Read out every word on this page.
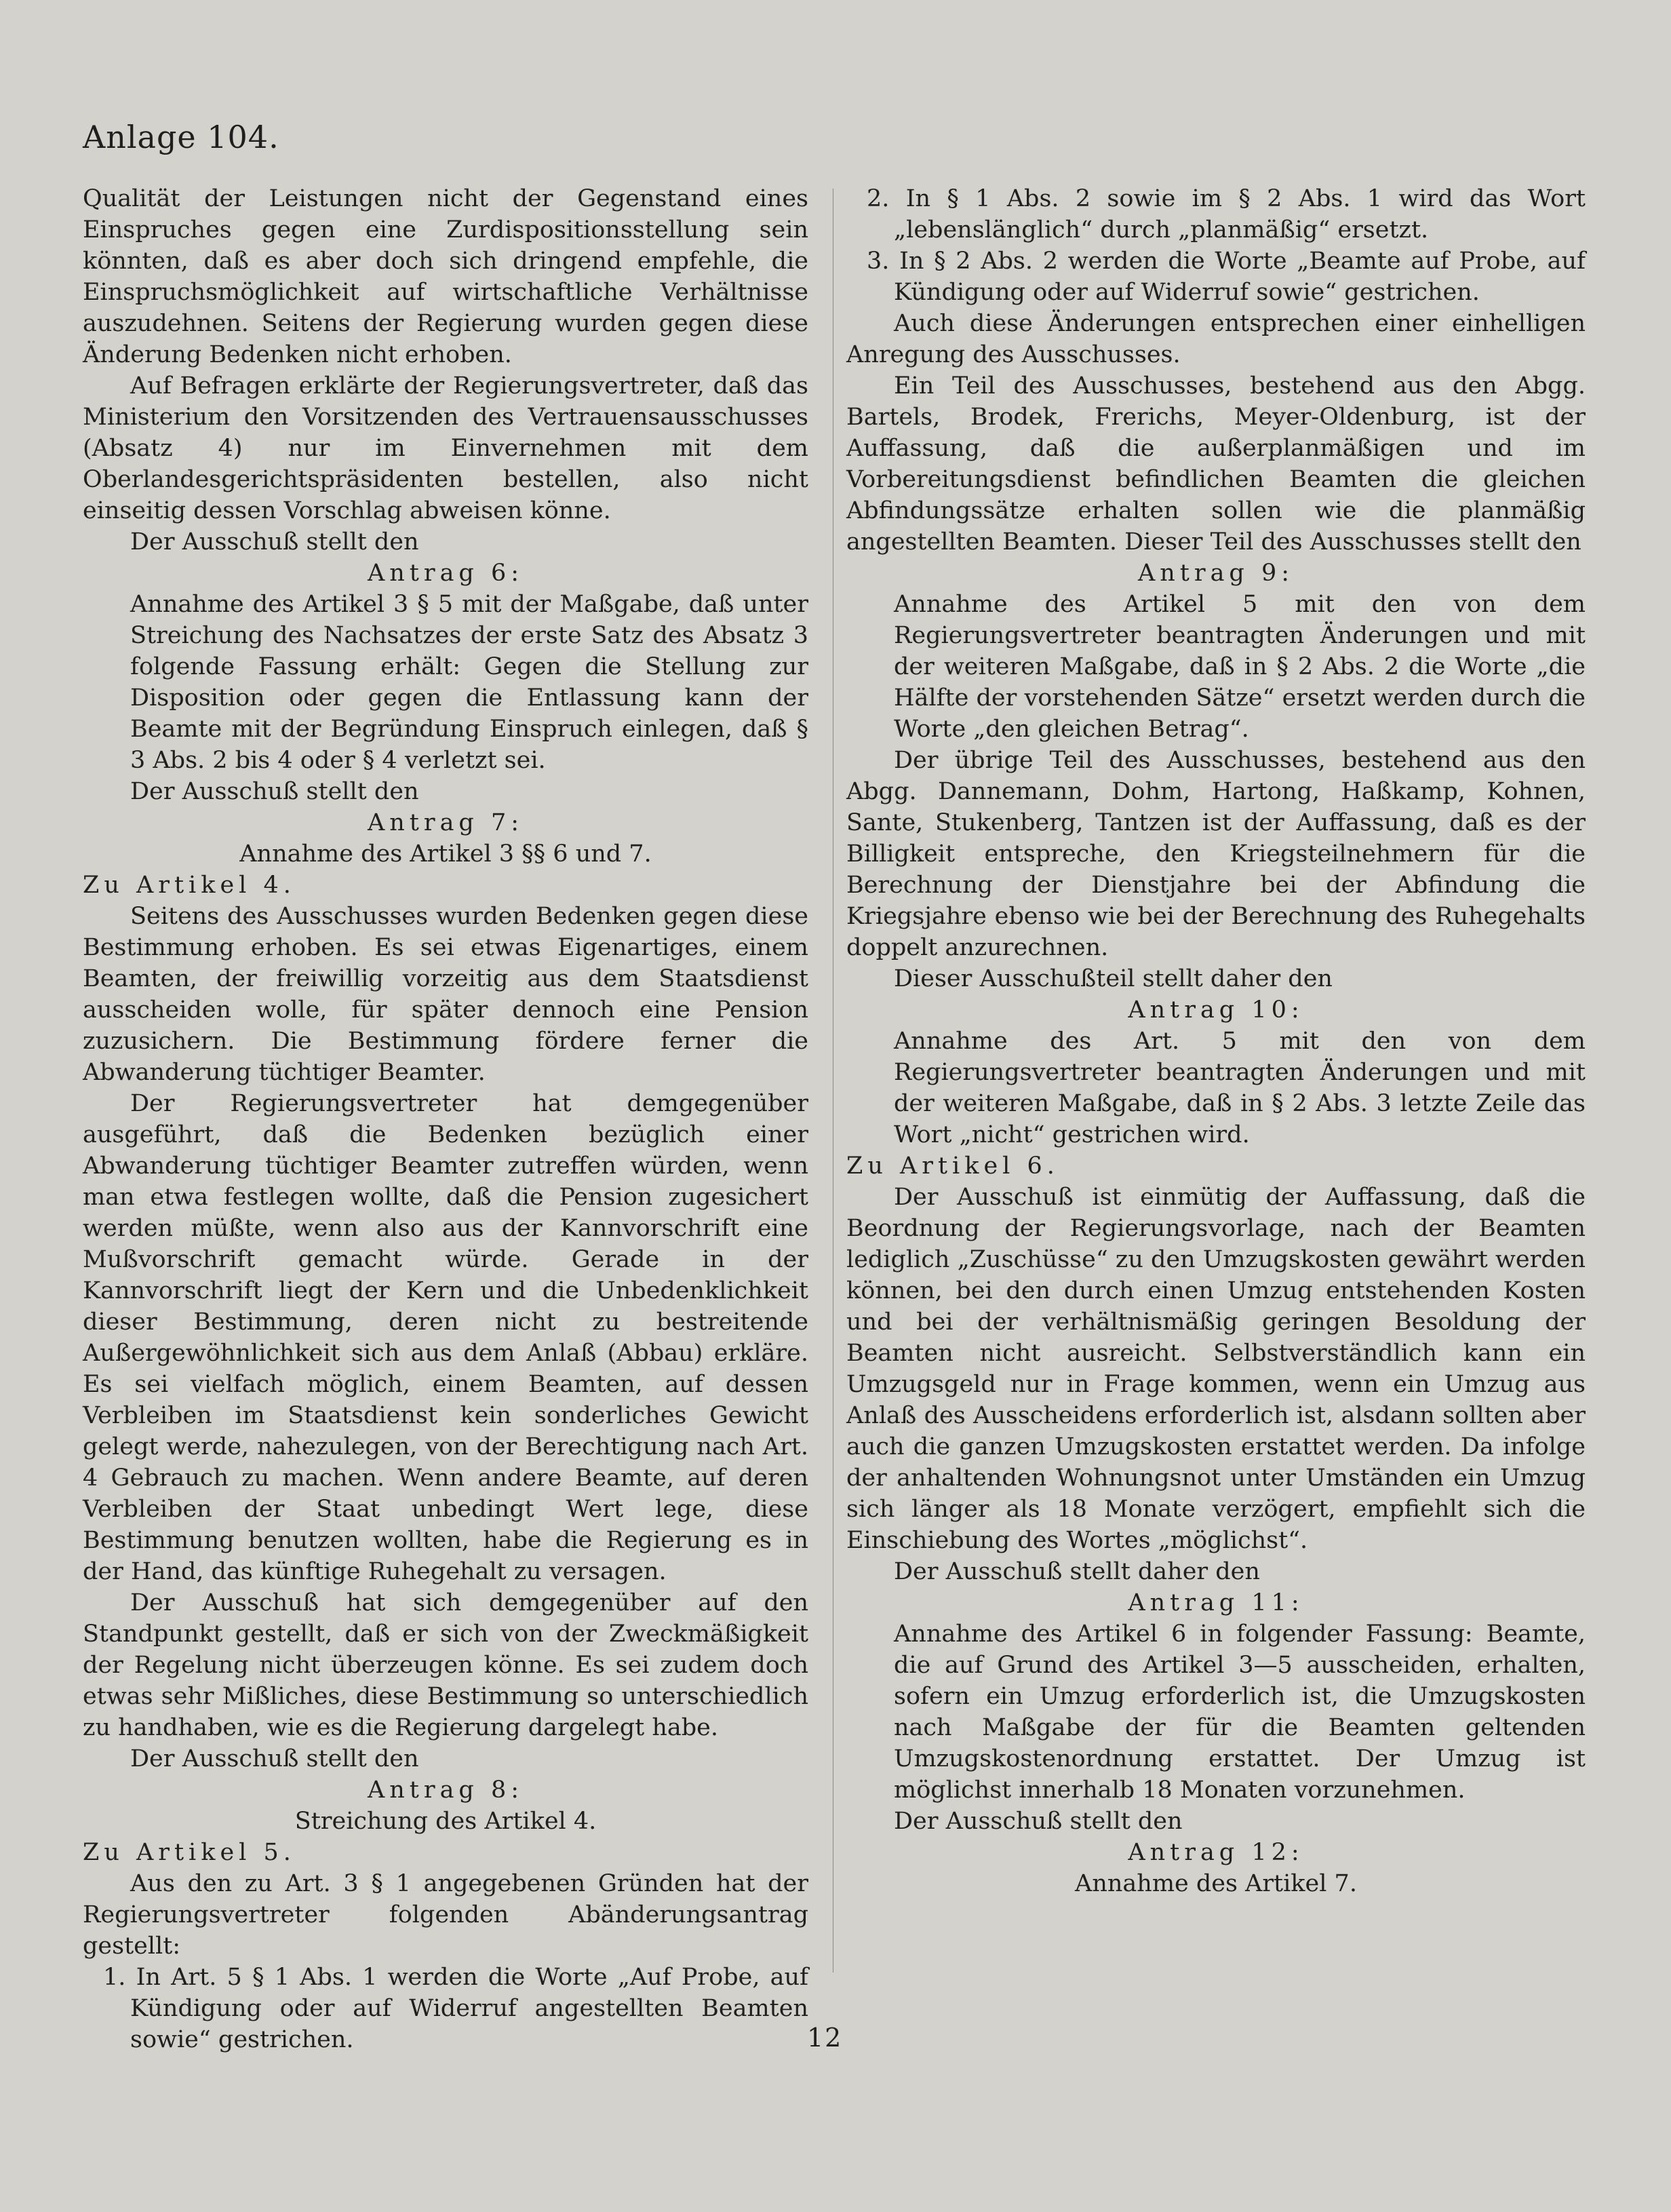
Anlage 104.

Qualität der Leistungen nicht der Gegenstand eines Einspruches gegen eine Zurdispositionsstellung sein könnten, daß es aber doch sich dringend empfehle, die Einspruchsmöglichkeit auf wirtschaftliche Verhältnisse auszudehnen. Seitens der Regierung wurden gegen diese Änderung Bedenken nicht erhoben.

Auf Befragen erklärte der Regierungsvertreter, daß das Ministerium den Vorsitzenden des Vertrauensausschusses (Absatz 4) nur im Einvernehmen mit dem Oberlandesgerichtspräsidenten bestellen, also nicht einseitig dessen Vorschlag abweisen könne.

Der Ausschuß stellt den

Antrag 6:

Annahme des Artikel 3 § 5 mit der Maßgabe, daß unter Streichung des Nachsatzes der erste Satz des Absatz 3 folgende Fassung erhält: Gegen die Stellung zur Disposition oder gegen die Entlassung kann der Beamte mit der Begründung Einspruch einlegen, daß § 3 Abs. 2 bis 4 oder § 4 verletzt sei.

Der Ausschuß stellt den

Antrag 7:

Annahme des Artikel 3 §§ 6 und 7.

Zu Artikel 4.

Seitens des Ausschusses wurden Bedenken gegen diese Bestimmung erhoben. Es sei etwas Eigenartiges, einem Beamten, der freiwillig vorzeitig aus dem Staatsdienst ausscheiden wolle, für später dennoch eine Pension zuzusichern. Die Bestimmung fördere ferner die Abwanderung tüchtiger Beamter.

Der Regierungsvertreter hat demgegenüber ausgeführt, daß die Bedenken bezüglich einer Abwanderung tüchtiger Beamter zutreffen würden, wenn man etwa festlegen wollte, daß die Pension zugesichert werden müßte, wenn also aus der Kannvorschrift eine Mußvorschrift gemacht würde. Gerade in der Kannvorschrift liegt der Kern und die Unbedenklichkeit dieser Bestimmung, deren nicht zu bestreitende Außergewöhnlichkeit sich aus dem Anlaß (Abbau) erkläre. Es sei vielfach möglich, einem Beamten, auf dessen Verbleiben im Staatsdienst kein sonderliches Gewicht gelegt werde, nahezulegen, von der Berechtigung nach Art. 4 Gebrauch zu machen. Wenn andere Beamte, auf deren Verbleiben der Staat unbedingt Wert lege, diese Bestimmung benutzen wollten, habe die Regierung es in der Hand, das künftige Ruhegehalt zu versagen.

Der Ausschuß hat sich demgegenüber auf den Standpunkt gestellt, daß er sich von der Zweckmäßigkeit der Regelung nicht überzeugen könne. Es sei zudem doch etwas sehr Mißliches, diese Bestimmung so unterschiedlich zu handhaben, wie es die Regierung dargelegt habe.

Der Ausschuß stellt den

Antrag 8:

Streichung des Artikel 4.

Zu Artikel 5.

Aus den zu Art. 3 § 1 angegebenen Gründen hat der Regierungsvertreter folgenden Abänderungsantrag gestellt:

1. In Art. 5 § 1 Abs. 1 werden die Worte „Auf Probe, auf Kündigung oder auf Widerruf angestellten Beamten sowie“ gestrichen.

2. In § 1 Abs. 2 sowie im § 2 Abs. 1 wird das Wort „lebenslänglich“ durch „planmäßig“ ersetzt.

3. In § 2 Abs. 2 werden die Worte „Beamte auf Probe, auf Kündigung oder auf Widerruf sowie“ gestrichen.

Auch diese Änderungen entsprechen einer einhelligen Anregung des Ausschusses.

Ein Teil des Ausschusses, bestehend aus den Abgg. Bartels, Brodek, Frerichs, Meyer-Oldenburg, ist der Auffassung, daß die außerplanmäßigen und im Vorbereitungsdienst befindlichen Beamten die gleichen Abfindungssätze erhalten sollen wie die planmäßig angestellten Beamten. Dieser Teil des Ausschusses stellt den

Antrag 9:

Annahme des Artikel 5 mit den von dem Regierungsvertreter beantragten Änderungen und mit der weiteren Maßgabe, daß in § 2 Abs. 2 die Worte „die Hälfte der vorstehenden Sätze“ ersetzt werden durch die Worte „den gleichen Betrag“.

Der übrige Teil des Ausschusses, bestehend aus den Abgg. Dannemann, Dohm, Hartong, Haßkamp, Kohnen, Sante, Stukenberg, Tantzen ist der Auffassung, daß es der Billigkeit entspreche, den Kriegsteilnehmern für die Berechnung der Dienstjahre bei der Abfindung die Kriegsjahre ebenso wie bei der Berechnung des Ruhegehalts doppelt anzurechnen.

Dieser Ausschußteil stellt daher den

Antrag 10:

Annahme des Art. 5 mit den von dem Regierungsvertreter beantragten Änderungen und mit der weiteren Maßgabe, daß in § 2 Abs. 3 letzte Zeile das Wort „nicht“ gestrichen wird.

Zu Artikel 6.

Der Ausschuß ist einmütig der Auffassung, daß die Beordnung der Regierungsvorlage, nach der Beamten lediglich „Zuschüsse“ zu den Umzugskosten gewährt werden können, bei den durch einen Umzug entstehenden Kosten und bei der verhältnismäßig geringen Besoldung der Beamten nicht ausreicht. Selbstverständlich kann ein Umzugsgeld nur in Frage kommen, wenn ein Umzug aus Anlaß des Ausscheidens erforderlich ist, alsdann sollten aber auch die ganzen Umzugskosten erstattet werden. Da infolge der anhaltenden Wohnungsnot unter Umständen ein Umzug sich länger als 18 Monate verzögert, empfiehlt sich die Einschiebung des Wortes „möglichst“.

Der Ausschuß stellt daher den

Antrag 11:

Annahme des Artikel 6 in folgender Fassung: Beamte, die auf Grund des Artikel 3—5 ausscheiden, erhalten, sofern ein Umzug erforderlich ist, die Umzugskosten nach Maßgabe der für die Beamten geltenden Umzugskostenordnung erstattet. Der Umzug ist möglichst innerhalb 18 Monaten vorzunehmen.

Der Ausschuß stellt den

Antrag 12:

Annahme des Artikel 7.

12
